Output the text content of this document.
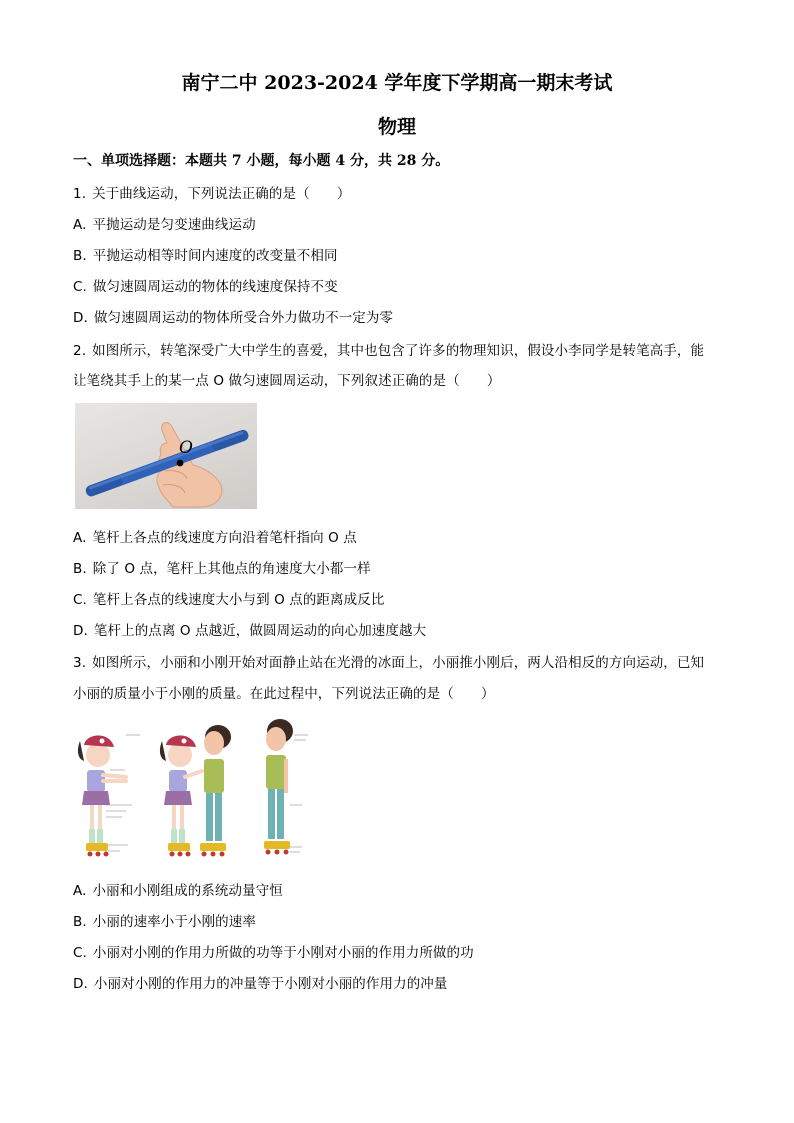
南宁二中 2023-2024 学年度下学期高一期末考试
物理
一、单项选择题：本题共 7 小题，每小题 4 分，共 28 分。
1. 关于曲线运动，下列说法正确的是（　　）
A. 平抛运动是匀变速曲线运动
B. 平抛运动相等时间内速度的改变量不相同
C. 做匀速圆周运动的物体的线速度保持不变
D. 做匀速圆周运动的物体所受合外力做功不一定为零
2. 如图所示，转笔深受广大中学生的喜爱，其中也包含了许多的物理知识，假设小李同学是转笔高手，能
让笔绕其手上的某一点 O 做匀速圆周运动，下列叙述正确的是（　　）
O
A. 笔杆上各点的线速度方向沿着笔杆指向 O 点
B. 除了 O 点，笔杆上其他点的角速度大小都一样
C. 笔杆上各点的线速度大小与到 O 点的距离成反比
D. 笔杆上的点离 O 点越近，做圆周运动的向心加速度越大
3. 如图所示，小丽和小刚开始对面静止站在光滑的冰面上，小丽推小刚后，两人沿相反的方向运动，已知
小丽的质量小于小刚的质量。在此过程中，下列说法正确的是（　　）
A. 小丽和小刚组成的系统动量守恒
B. 小丽的速率小于小刚的速率
C. 小丽对小刚的作用力所做的功等于小刚对小丽的作用力所做的功
D. 小丽对小刚的作用力的冲量等于小刚对小丽的作用力的冲量
